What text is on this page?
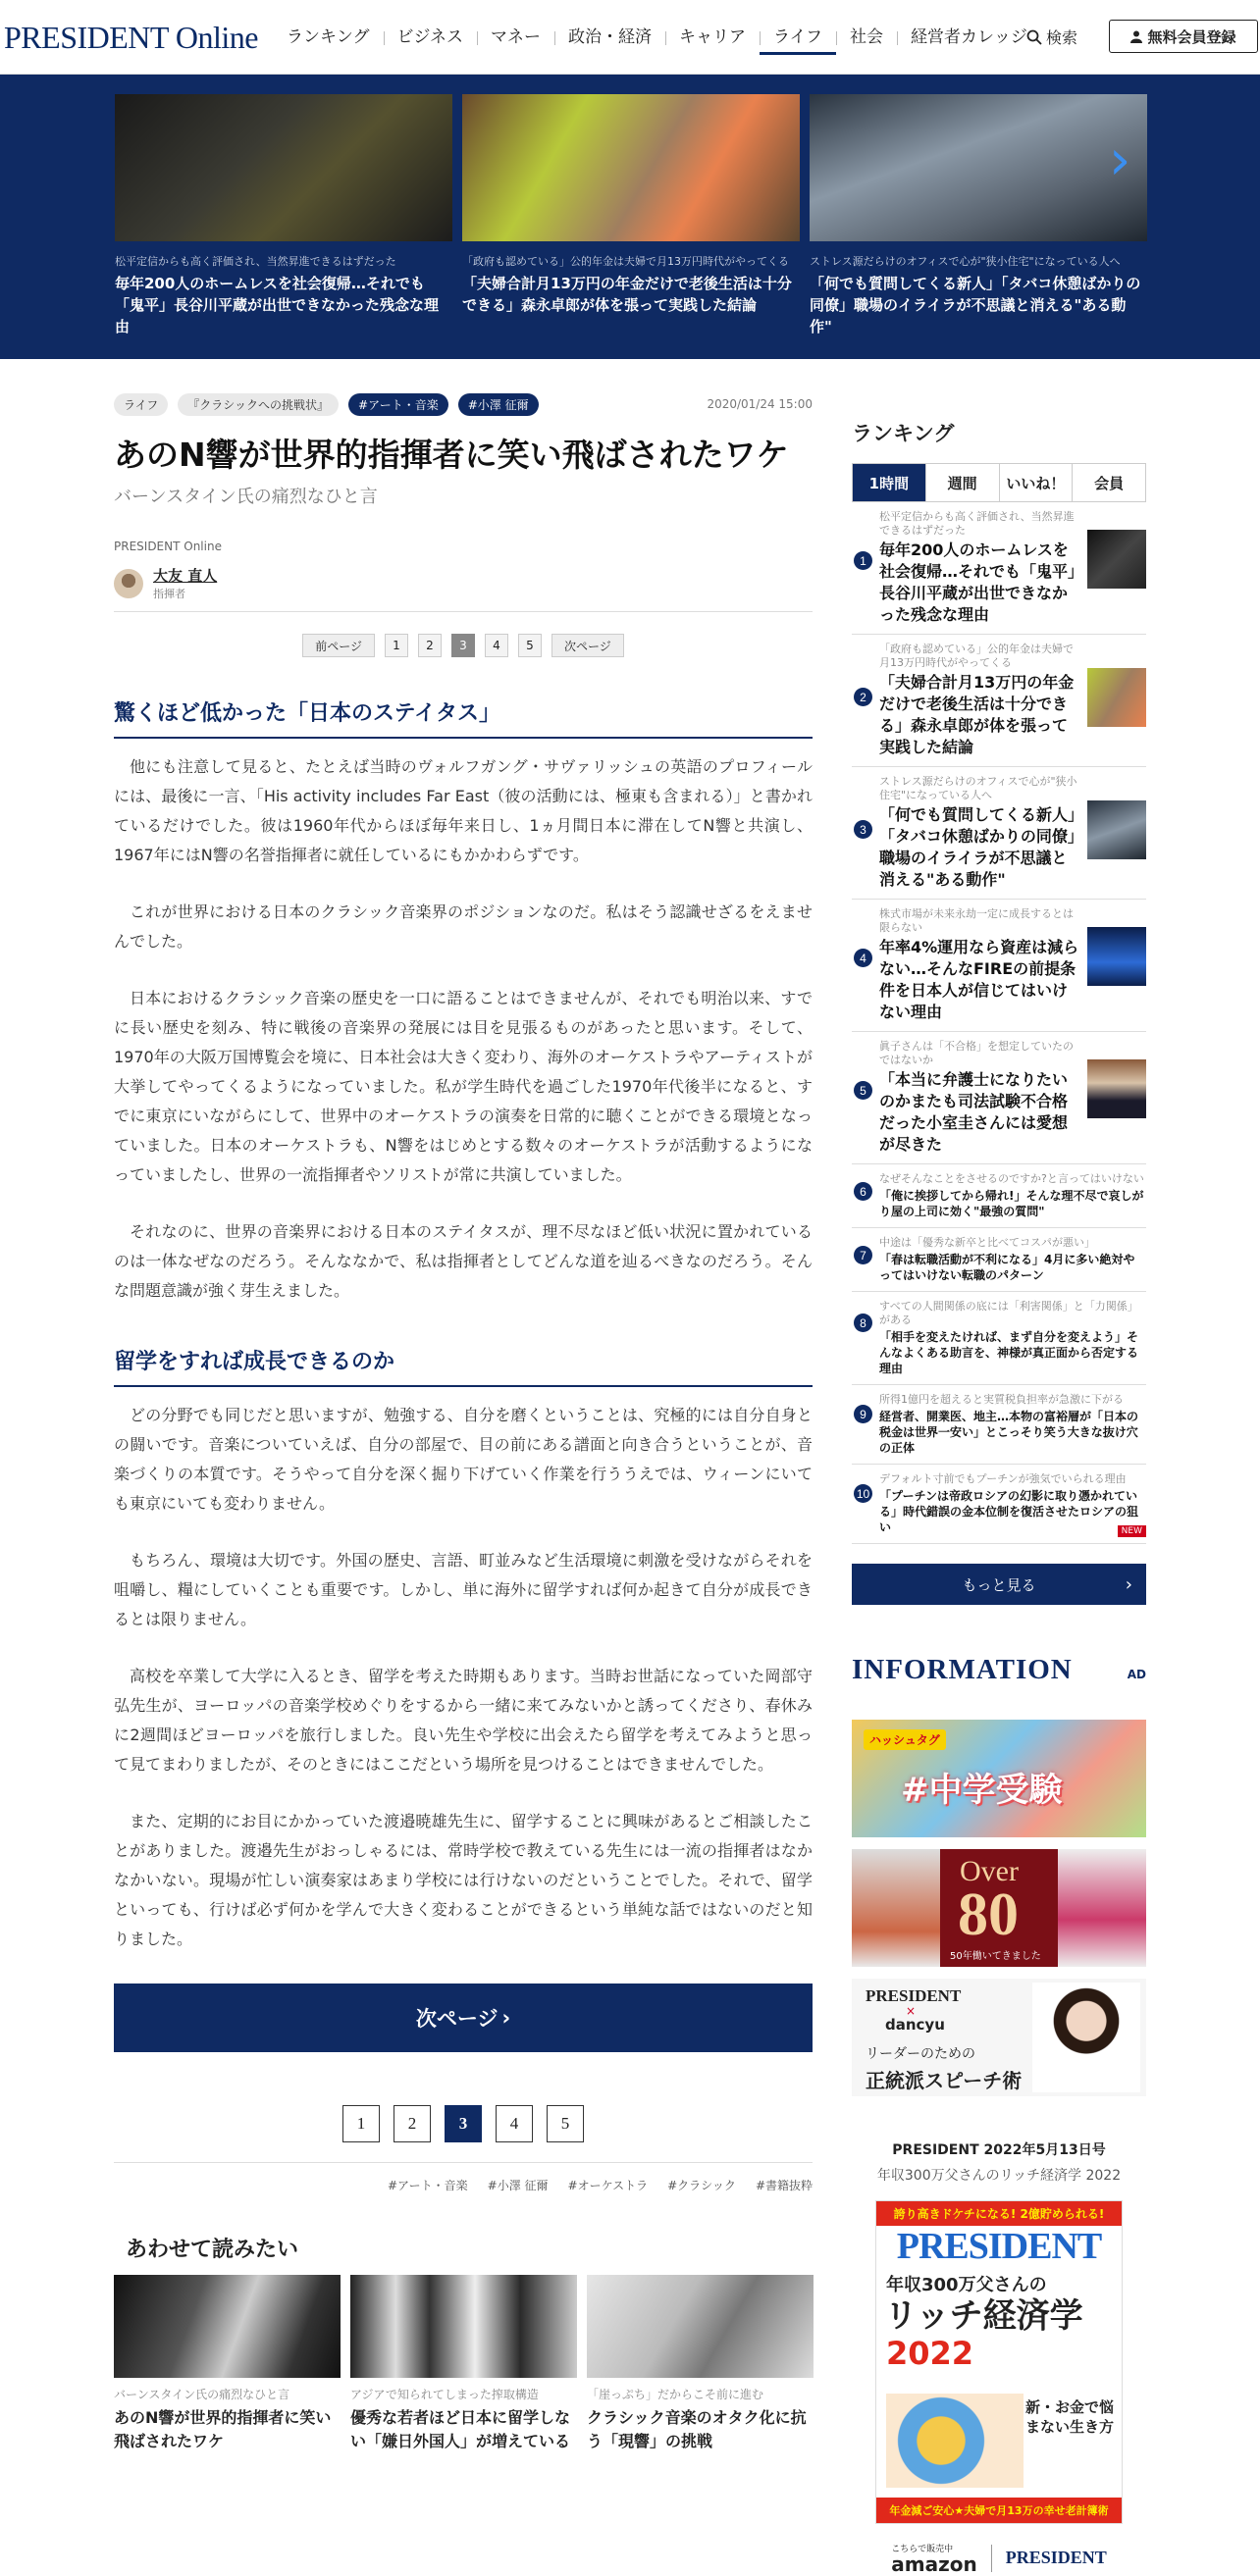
PRESIDENT Online	ランキング	ビジネス	マネー	政治・経済	キャリア	ライフ	社会	経営者カレッジ	検索	無料会員登録
松平定信からも高く評価され、当然昇進できるはずだった
毎年200人のホームレスを社会復帰…それでも「鬼平」長谷川平蔵が出世できなかった残念な理由
「政府も認めている」公的年金は夫婦で月13万円時代がやってくる
「夫婦合計月13万円の年金だけで老後生活は十分できる」森永卓郎が体を張って実践した結論
ストレス源だらけのオフィスで心が"狭小住宅"になっている人へ
「何でも質問してくる新人」「タバコ休憩ばかりの同僚」職場のイライラが不思議と消える"ある動作"
›
ライフ	『クラシックへの挑戦状』	#アート・音楽	#小澤 征爾	2020/01/24 15:00
あのN響が世界的指揮者に笑い飛ばされたワケ
バーンスタイン氏の痛烈なひと言
PRESIDENT Online
大友 直人
指揮者
前ページ	1	2	3	4	5	次ページ
驚くほど低かった「日本のステイタス」

他にも注意して見ると、たとえば当時のヴォルフガング・サヴァリッシュの英語のプロフィールには、最後に一言、「His activity includes Far East（彼の活動には、極東も含まれる）」と書かれているだけでした。彼は1960年代からほぼ毎年来日し、1ヵ月間日本に滞在してN響と共演し、1967年にはN響の名誉指揮者に就任しているにもかかわらずです。

これが世界における日本のクラシック音楽界のポジションなのだ。私はそう認識せざるをえませんでした。

日本におけるクラシック音楽の歴史を一口に語ることはできませんが、それでも明治以来、すでに長い歴史を刻み、特に戦後の音楽界の発展には目を見張るものがあったと思います。そして、1970年の大阪万国博覧会を境に、日本社会は大きく変わり、海外のオーケストラやアーティストが大挙してやってくるようになっていました。私が学生時代を過ごした1970年代後半になると、すでに東京にいながらにして、世界中のオーケストラの演奏を日常的に聴くことができる環境となっていました。日本のオーケストラも、N響をはじめとする数々のオーケストラが活動するようになっていましたし、世界の一流指揮者やソリストが常に共演していました。

それなのに、世界の音楽界における日本のステイタスが、理不尽なほど低い状況に置かれているのは一体なぜなのだろう。そんななかで、私は指揮者としてどんな道を辿るべきなのだろう。そんな問題意識が強く芽生えました。

留学をすれば成長できるのか

どの分野でも同じだと思いますが、勉強する、自分を磨くということは、究極的には自分自身との闘いです。音楽についていえば、自分の部屋で、目の前にある譜面と向き合うということが、音楽づくりの本質です。そうやって自分を深く掘り下げていく作業を行ううえでは、ウィーンにいても東京にいても変わりません。

もちろん、環境は大切です。外国の歴史、言語、町並みなど生活環境に刺激を受けながらそれを咀嚼し、糧にしていくことも重要です。しかし、単に海外に留学すれば何か起きて自分が成長できるとは限りません。

高校を卒業して大学に入るとき、留学を考えた時期もあります。当時お世話になっていた岡部守弘先生が、ヨーロッパの音楽学校めぐりをするから一緒に来てみないかと誘ってくださり、春休みに2週間ほどヨーロッパを旅行しました。良い先生や学校に出会えたら留学を考えてみようと思って見てまわりましたが、そのときにはここだという場所を見つけることはできませんでした。

また、定期的にお目にかかっていた渡邉暁雄先生に、留学することに興味があるとご相談したことがありました。渡邉先生がおっしゃるには、常時学校で教えている先生には一流の指揮者はなかなかいない。現場が忙しい演奏家はあまり学校には行けないのだということでした。それで、留学といっても、行けば必ず何かを学んで大きく変わることができるという単純な話ではないのだと知りました。

次ページ ›
1	2	3	4	5
#アート・音楽 #小澤 征爾 #オーケストラ #クラシック #書籍抜粋
あわせて読みたい
バーンスタイン氏の痛烈なひと言
あのN響が世界的指揮者に笑い飛ばされたワケ
アジアで知られてしまった搾取構造
優秀な若者ほど日本に留学しない「嫌日外国人」が増えている
「崖っぷち」だからこそ前に進む
クラシック音楽のオタク化に抗う「現響」の挑戦
ランキング
1時間	週間	いいね！	会員
1
松平定信からも高く評価され、当然昇進できるはずだった
毎年200人のホームレスを社会復帰…それでも「鬼平」長谷川平蔵が出世できなかった残念な理由
2
「政府も認めている」公的年金は夫婦で月13万円時代がやってくる
「夫婦合計月13万円の年金だけで老後生活は十分できる」森永卓郎が体を張って実践した結論
3
ストレス源だらけのオフィスで心が"狭小住宅"になっている人へ
「何でも質問してくる新人」「タバコ休憩ばかりの同僚」職場のイライラが不思議と消える"ある動作"
4
株式市場が未来永劫一定に成長するとは限らない
年率4%運用なら資産は減らない…そんなFIREの前提条件を日本人が信じてはいけない理由
5
眞子さんは「不合格」を想定していたのではないか
「本当に弁護士になりたいのかまたも司法試験不合格だった小室圭さんには愛想が尽きた
6
なぜそんなことをさせるのですか?と言ってはいけない
「俺に挨拶してから帰れ!」そんな理不尽で哀しがり屋の上司に効く"最強の質問"
7
中途は「優秀な新卒と比べてコスパが悪い」
「春は転職活動が不利になる」4月に多い絶対やってはいけない転職のパターン
8
すべての人間関係の底には「利害関係」と「力関係」がある
「相手を変えたければ、まず自分を変えよう」そんなよくある助言を、神様が真正面から否定する理由
9
所得1億円を超えると実質税負担率が急激に下がる
経営者、開業医、地主…本物の富裕層が「日本の税金は世界一安い」とこっそり笑う大きな抜け穴の正体
10
デフォルト寸前でもプーチンが強気でいられる理由
「プーチンは帝政ロシアの幻影に取り憑かれている」時代錯誤の金本位制を復活させたロシアの狙い	NEW
もっと見る	›
INFORMATION	AD
ハッシュタグ
#中学受験
Over
80
50年働いてきました
PRESIDENT
×
dancyu
リーダーのための
正統派スピーチ術
PRESIDENT 2022年5月13日号
年収300万父さんのリッチ経済学 2022
誇り高きドケチになる! 2億貯められる!
PRESIDENT
年収300万父さんの
リッチ経済学
2022
新・お金で悩まない生き方
年金減ご安心★夫婦で月13万の幸せ老計簿術
こちらで販売中
amazon PRESIDENT
